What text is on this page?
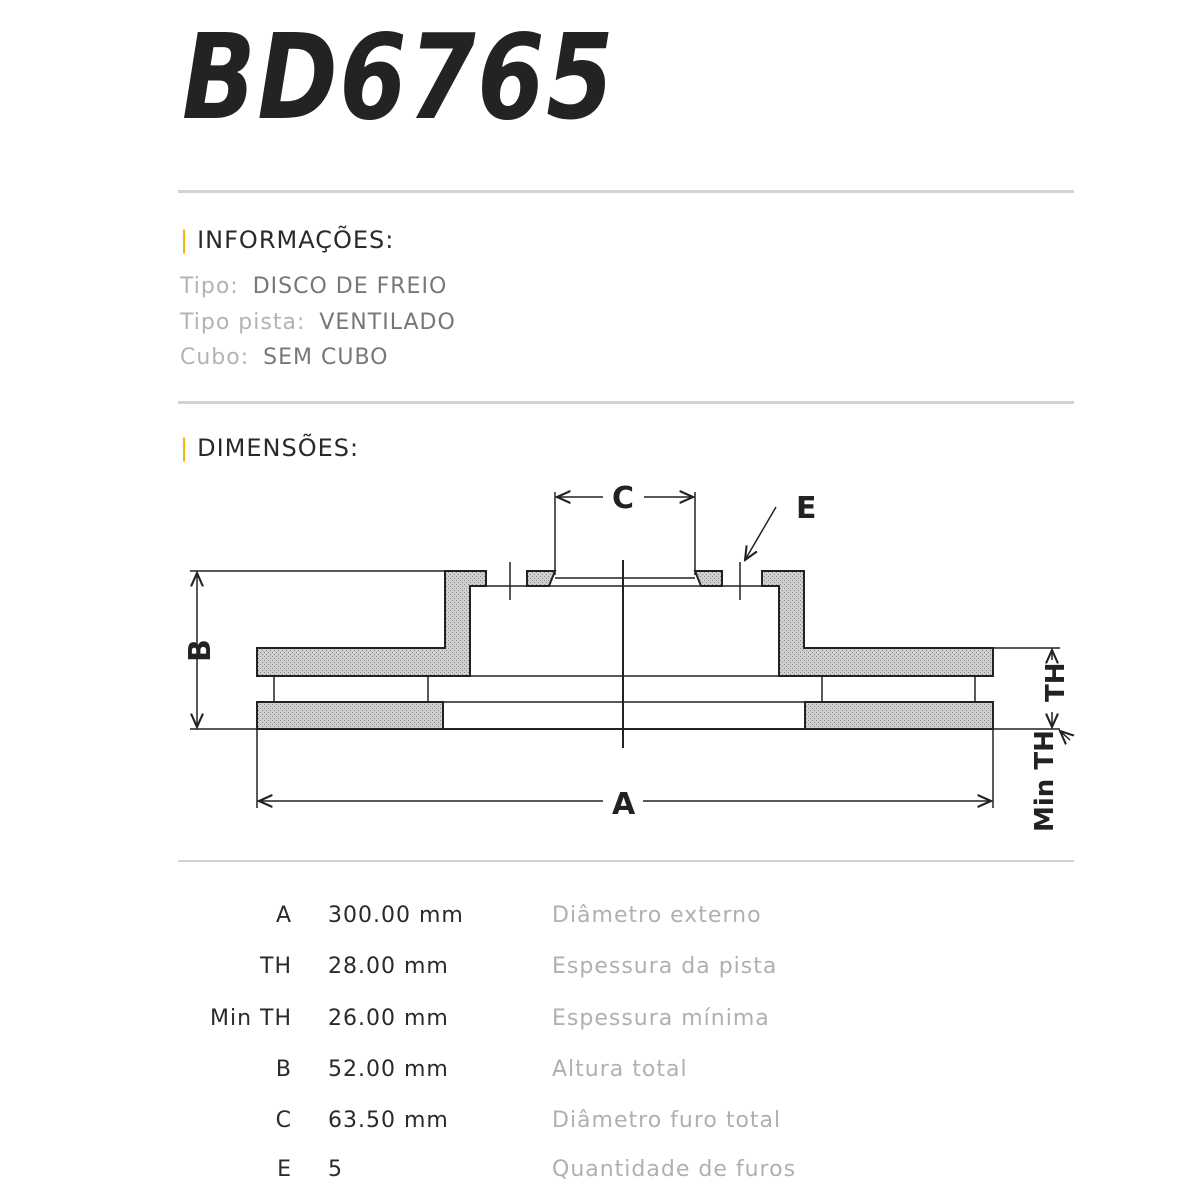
BD6765
| INFORMAÇÕES:
Tipo: DISCO DE FREIO
Tipo pista: VENTILADO
Cubo: SEM CUBO
| DIMENSÕES:
C	E
B
A
TH
Min TH
A 300.00 mm	Diâmetro externo
TH 28.00 mm	Espessura da pista
Min TH 26.00 mm	Espessura mínima
B 52.00 mm	Altura total
C 63.50 mm	Diâmetro furo total
E 5	Quantidade de furos
